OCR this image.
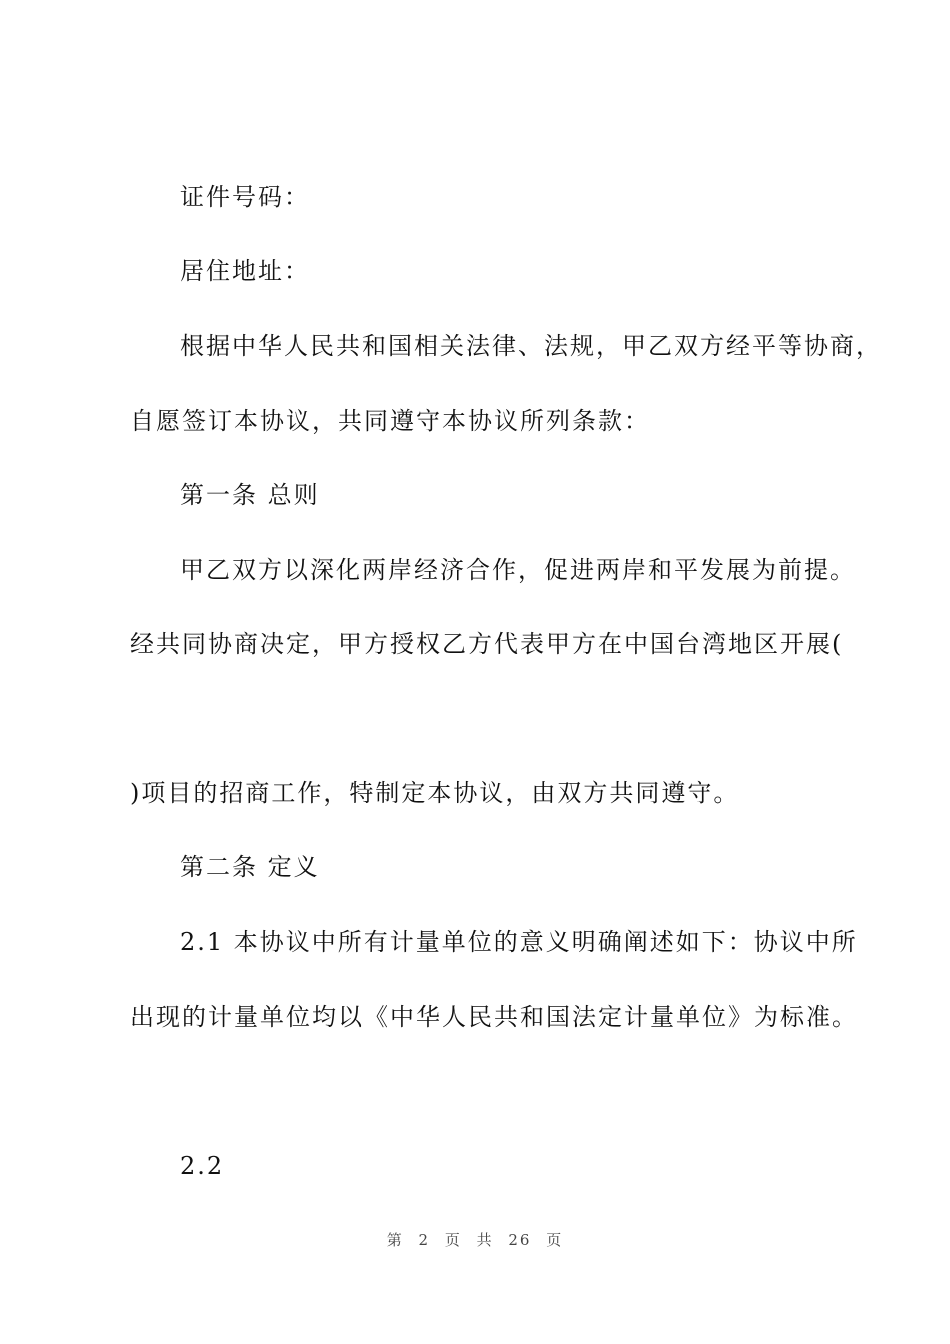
证件号码：
居住地址：
根据中华人民共和国相关法律、法规，甲乙双方经平等协商，
自愿签订本协议，共同遵守本协议所列条款：
第一条 总则
甲乙双方以深化两岸经济合作，促进两岸和平发展为前提。
经共同协商决定，甲方授权乙方代表甲方在中国台湾地区开展(
)项目的招商工作，特制定本协议，由双方共同遵守。
第二条 定义
2.1 本协议中所有计量单位的意义明确阐述如下：协议中所
出现的计量单位均以《中华人民共和国法定计量单位》为标准。
2.2
第 2 页 共 26 页
